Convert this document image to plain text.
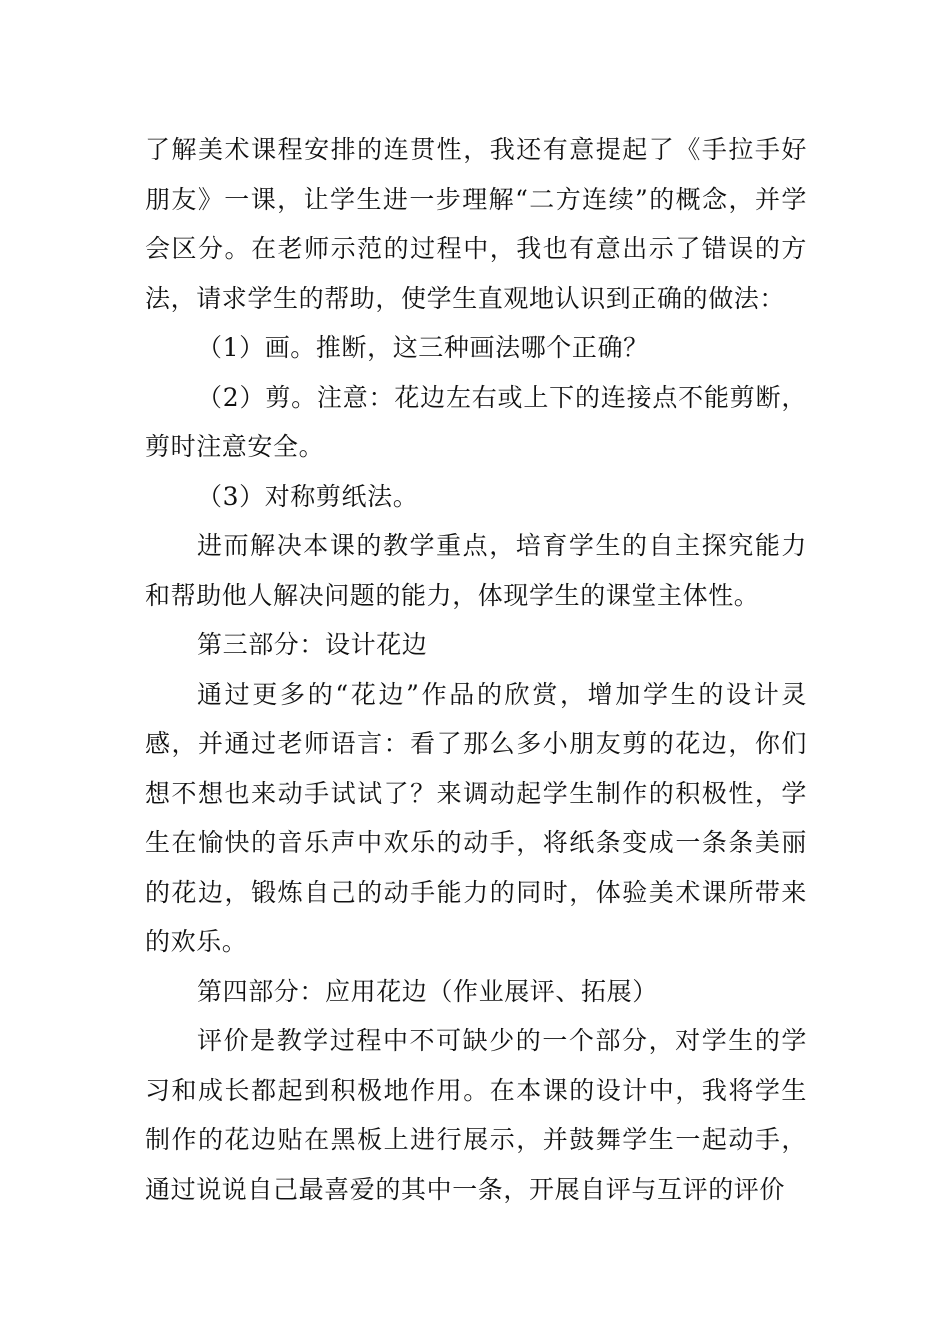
了解美术课程安排的连贯性，我还有意提起了《手拉手好朋友》一课，让学生进一步理解“二方连续”的概念，并学会区分。在老师示范的过程中，我也有意出示了错误的方法，请求学生的帮助，使学生直观地认识到正确的做法：

（1）画。推断，这三种画法哪个正确？

（2）剪。注意：花边左右或上下的连接点不能剪断，剪时注意安全。

（3）对称剪纸法。

进而解决本课的教学重点，培育学生的自主探究能力和帮助他人解决问题的能力，体现学生的课堂主体性。

第三部分：设计花边

通过更多的“花边”作品的欣赏，增加学生的设计灵感，并通过老师语言：看了那么多小朋友剪的花边，你们想不想也来动手试试了？来调动起学生制作的积极性，学生在愉快的音乐声中欢乐的动手，将纸条变成一条条美丽的花边，锻炼自己的动手能力的同时，体验美术课所带来的欢乐。

第四部分：应用花边（作业展评、拓展）

评价是教学过程中不可缺少的一个部分，对学生的学习和成长都起到积极地作用。在本课的设计中，我将学生制作的花边贴在黑板上进行展示，并鼓舞学生一起动手，通过说说自己最喜爱的其中一条，开展自评与互评的评价
